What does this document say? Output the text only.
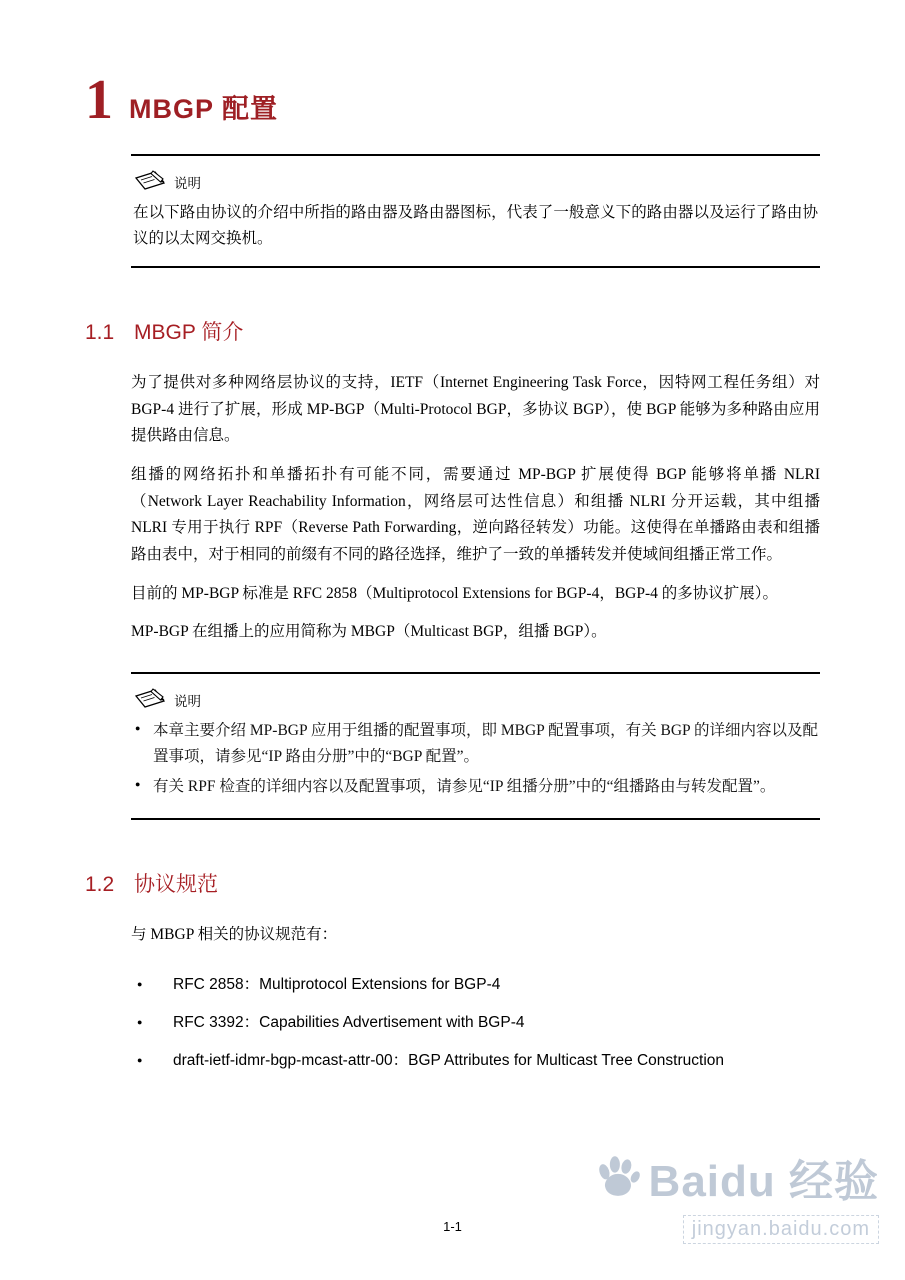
1 MBGP 配置
说明

在以下路由协议的介绍中所指的路由器及路由器图标，代表了一般意义下的路由器以及运行了路由协议的以太网交换机。

1.1 MBGP 简介

为了提供对多种网络层协议的支持，IETF（Internet Engineering Task Force，因特网工程任务组）对 BGP-4 进行了扩展，形成 MP-BGP（Multi-Protocol BGP，多协议 BGP），使 BGP 能够为多种路由应用提供路由信息。

组播的网络拓扑和单播拓扑有可能不同，需要通过 MP-BGP 扩展使得 BGP 能够将单播 NLRI（Network Layer Reachability Information，网络层可达性信息）和组播 NLRI 分开运载，其中组播 NLRI 专用于执行 RPF（Reverse Path Forwarding，逆向路径转发）功能。这使得在单播路由表和组播路由表中，对于相同的前缀有不同的路径选择，维护了一致的单播转发并使域间组播正常工作。

目前的 MP-BGP 标准是 RFC 2858（Multiprotocol Extensions for BGP-4，BGP-4 的多协议扩展）。

MP-BGP 在组播上的应用简称为 MBGP（Multicast BGP，组播 BGP）。

说明
● 本章主要介绍 MP-BGP 应用于组播的配置事项，即 MBGP 配置事项，有关 BGP 的详细内容以及配置事项，请参见“IP 路由分册”中的“BGP 配置”。
● 有关 RPF 检查的详细内容以及配置事项，请参见“IP 组播分册”中的“组播路由与转发配置”。
1.2 协议规范

与 MBGP 相关的协议规范有：

● RFC 2858：Multiprotocol Extensions for BGP-4
● RFC 3392：Capabilities Advertisement with BGP-4
● draft-ietf-idmr-bgp-mcast-attr-00：BGP Attributes for Multicast Tree Construction
Baidu 经验
jingyan.baidu.com
1-1
